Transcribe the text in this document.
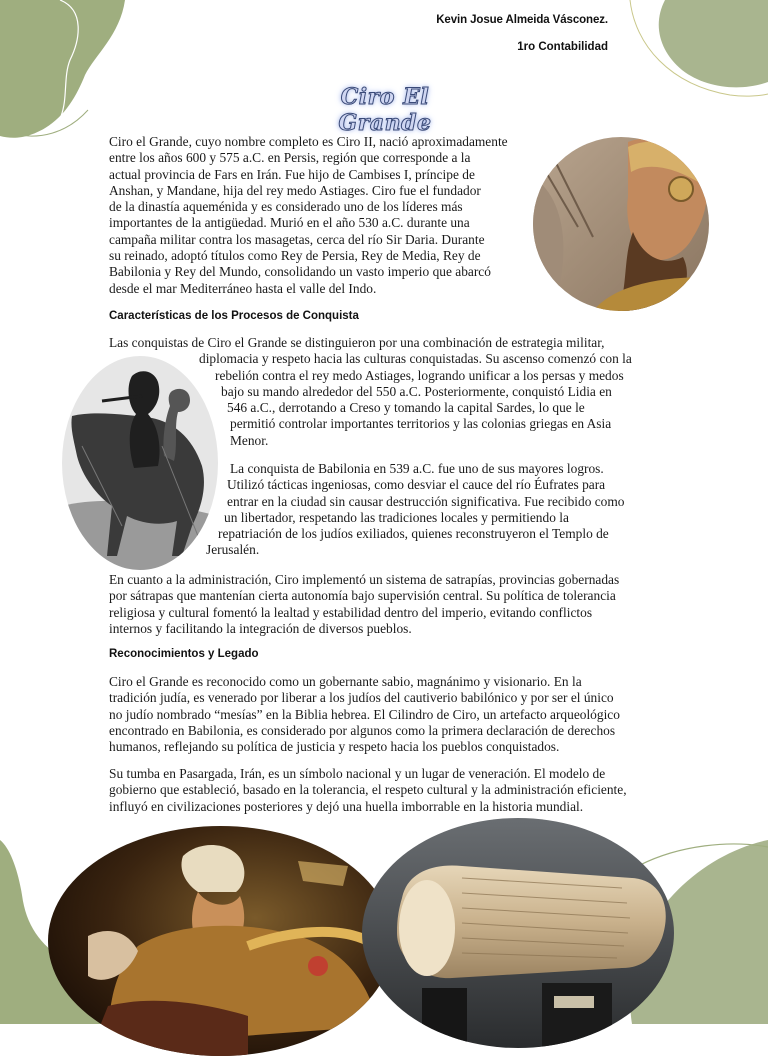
Kevin Josue Almeida Vásconez.
1ro Contabilidad
Ciro El Grande

Ciro el Grande, cuyo nombre completo es Ciro II, nació aproximadamente
entre los años 600 y 575 a.C. en Persis, región que corresponde a la
actual provincia de Fars en Irán. Fue hijo de Cambises I, príncipe de
Anshan, y Mandane, hija del rey medo Astiages. Ciro fue el fundador
de la dinastía aqueménida y es considerado uno de los líderes más
importantes de la antigüedad. Murió en el año 530 a.C. durante una
campaña militar contra los masagetas, cerca del río Sir Daria. Durante
su reinado, adoptó títulos como Rey de Persia, Rey de Media, Rey de
Babilonia y Rey del Mundo, consolidando un vasto imperio que abarcó
desde el mar Mediterráneo hasta el valle del Indo.

Características de los Procesos de Conquista

Las conquistas de Ciro el Grande se distinguieron por una combinación de estrategia militar,
diplomacia y respeto hacia las culturas conquistadas. Su ascenso comenzó con la
rebelión contra el rey medo Astiages, logrando unificar a los persas y medos
bajo su mando alrededor del 550 a.C. Posteriormente, conquistó Lidia en
546 a.C., derrotando a Creso y tomando la capital Sardes, lo que le
permitió controlar importantes territorios y las colonias griegas en Asia
Menor.

La conquista de Babilonia en 539 a.C. fue uno de sus mayores logros.
Utilizó tácticas ingeniosas, como desviar el cauce del río Éufrates para
entrar en la ciudad sin causar destrucción significativa. Fue recibido como
un libertador, respetando las tradiciones locales y permitiendo la
repatriación de los judíos exiliados, quienes reconstruyeron el Templo de
Jerusalén.

En cuanto a la administración, Ciro implementó un sistema de satrapías, provincias gobernadas
por sátrapas que mantenían cierta autonomía bajo supervisión central. Su política de tolerancia
religiosa y cultural fomentó la lealtad y estabilidad dentro del imperio, evitando conflictos
internos y facilitando la integración de diversos pueblos.

Reconocimientos y Legado

Ciro el Grande es reconocido como un gobernante sabio, magnánimo y visionario. En la
tradición judía, es venerado por liberar a los judíos del cautiverio babilónico y por ser el único
no judío nombrado “mesías” en la Biblia hebrea. El Cilindro de Ciro, un artefacto arqueológico
encontrado en Babilonia, es considerado por algunos como la primera declaración de derechos
humanos, reflejando su política de justicia y respeto hacia los pueblos conquistados.

Su tumba en Pasargada, Irán, es un símbolo nacional y un lugar de veneración. El modelo de
gobierno que estableció, basado en la tolerancia, el respeto cultural y la administración eficiente,
influyó en civilizaciones posteriores y dejó una huella imborrable en la historia mundial.
